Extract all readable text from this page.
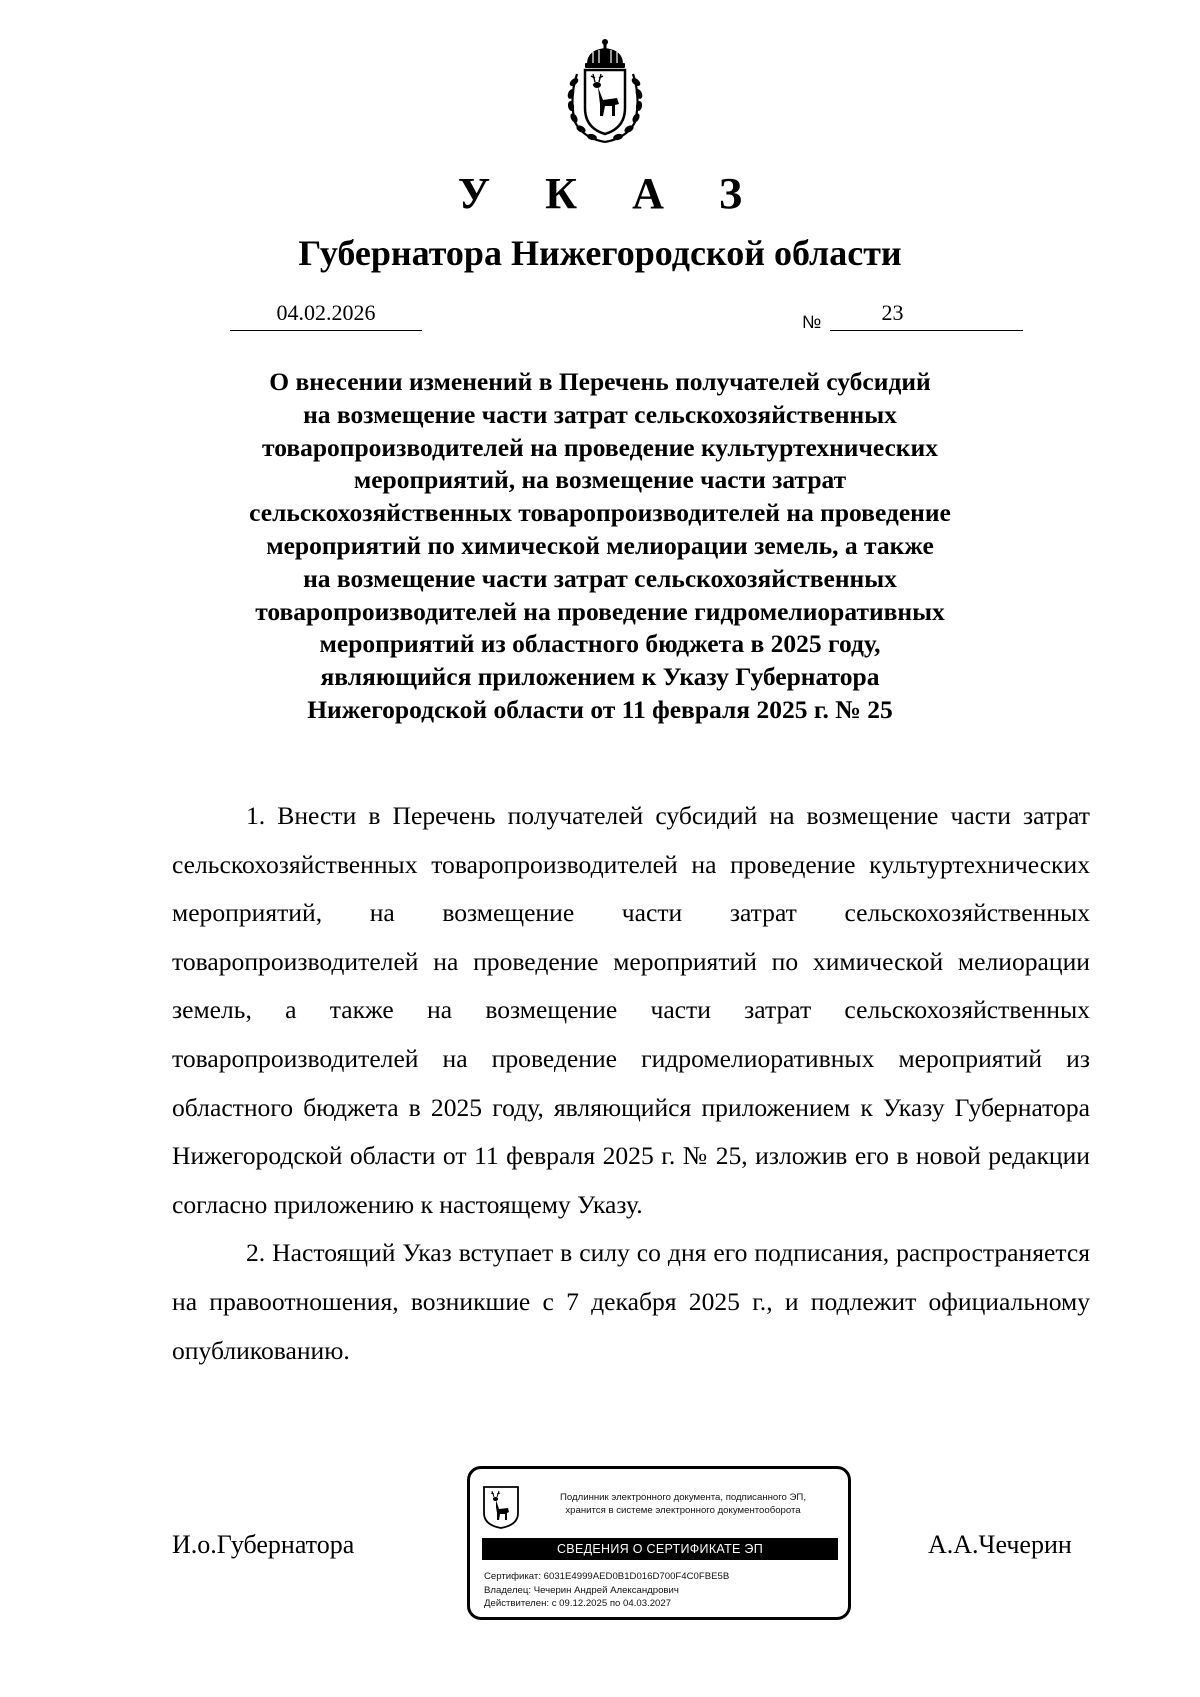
У К А З
Губернатора Нижегородской области
04.02.2026	№	23
О внесении изменений в Перечень получателей субсидий
на возмещение части затрат сельскохозяйственных
товаропроизводителей на проведение культуртехнических
мероприятий, на возмещение части затрат
сельскохозяйственных товаропроизводителей на проведение
мероприятий по химической мелиорации земель, а также
на возмещение части затрат сельскохозяйственных
товаропроизводителей на проведение гидромелиоративных
мероприятий из областного бюджета в 2025 году,
являющийся приложением к Указу Губернатора
Нижегородской области от 11 февраля 2025 г. № 25

1. Внести в Перечень получателей субсидий на возмещение части затрат сельскохозяйственных товаропроизводителей на проведение культуртехнических мероприятий, на возмещение части затрат сельскохозяйственных товаропроизводителей на проведение мероприятий по химической мелиорации земель, а также на возмещение части затрат сельскохозяйственных товаропроизводителей на проведение гидромелиоративных мероприятий из областного бюджета в 2025 году, являющийся приложением к Указу Губернатора Нижегородской области от 11 февраля 2025 г. № 25, изложив его в новой редакции согласно приложению к настоящему Указу.

2. Настоящий Указ вступает в силу со дня его подписания, распространяется на правоотношения, возникшие с 7 декабря 2025 г., и подлежит официальному опубликованию.

И.о.Губернатора	А.А.Чечерин
Подлинник электронного документа, подписанного ЭП,
хранится в системе электронного документооборота
СВЕДЕНИЯ О СЕРТИФИКАТЕ ЭП
Сертификат: 6031E4999AED0B1D016D700F4C0FBE5B
Владелец: Чечерин Андрей Александрович
Действителен: с 09.12.2025 по 04.03.2027
